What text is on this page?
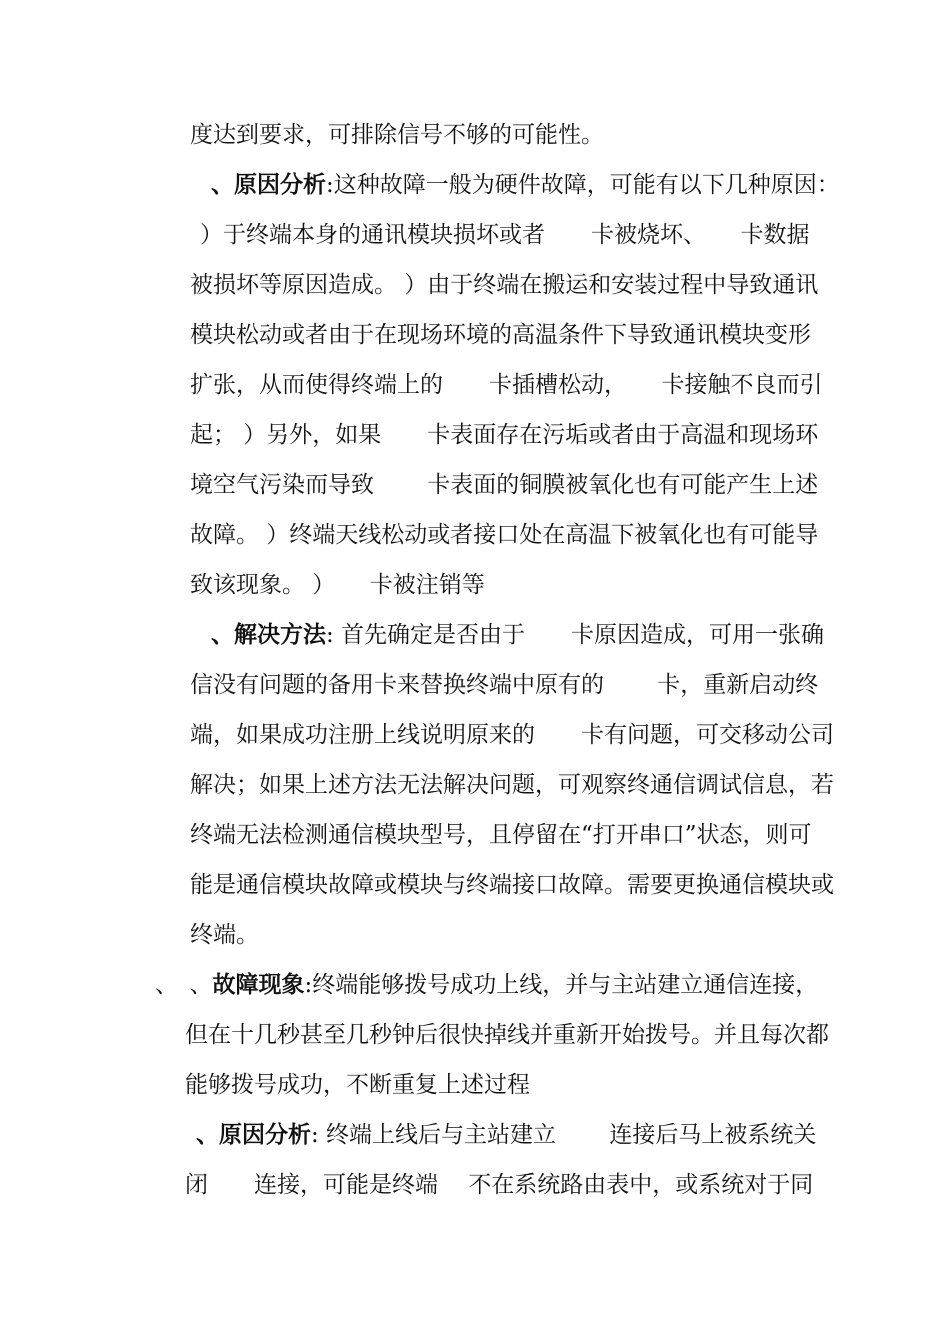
度达到要求，可排除信号不够的可能性。
、原因分析:这种故障一般为硬件故障，可能有以下几种原因：
）于终端本身的通讯模块损坏或者　　卡被烧坏、　　卡数据
被损坏等原因造成。 ）由于终端在搬运和安装过程中导致通讯
模块松动或者由于在现场环境的高温条件下导致通讯模块变形
扩张，从而使得终端上的　　卡插槽松动，　　卡接触不良而引
起； ）另外，如果　　卡表面存在污垢或者由于高温和现场环
境空气污染而导致　　 卡表面的铜膜被氧化也有可能产生上述
故障。 ）终端天线松动或者接口处在高温下被氧化也有可能导
致该现象。 ）　　卡被注销等
、解决方法: 首先确定是否由于　　卡原因造成，可用一张确
信没有问题的备用卡来替换终端中原有的　　 卡，重新启动终
端，如果成功注册上线说明原来的　　卡有问题，可交移动公司
解决；如果上述方法无法解决问题，可观察终通信调试信息，若
终端无法检测通信模块型号，且停留在“打开串口”状态，则可
能是通信模块故障或模块与终端接口故障。需要更换通信模块或
终端。
、　、故障现象:终端能够拨号成功上线，并与主站建立通信连接，
但在十几秒甚至几秒钟后很快掉线并重新开始拨号。并且每次都
能够拨号成功，不断重复上述过程
、原因分析: 终端上线后与主站建立　　 连接后马上被系统关
闭　　连接，可能是终端　 不在系统路由表中，或系统对于同
